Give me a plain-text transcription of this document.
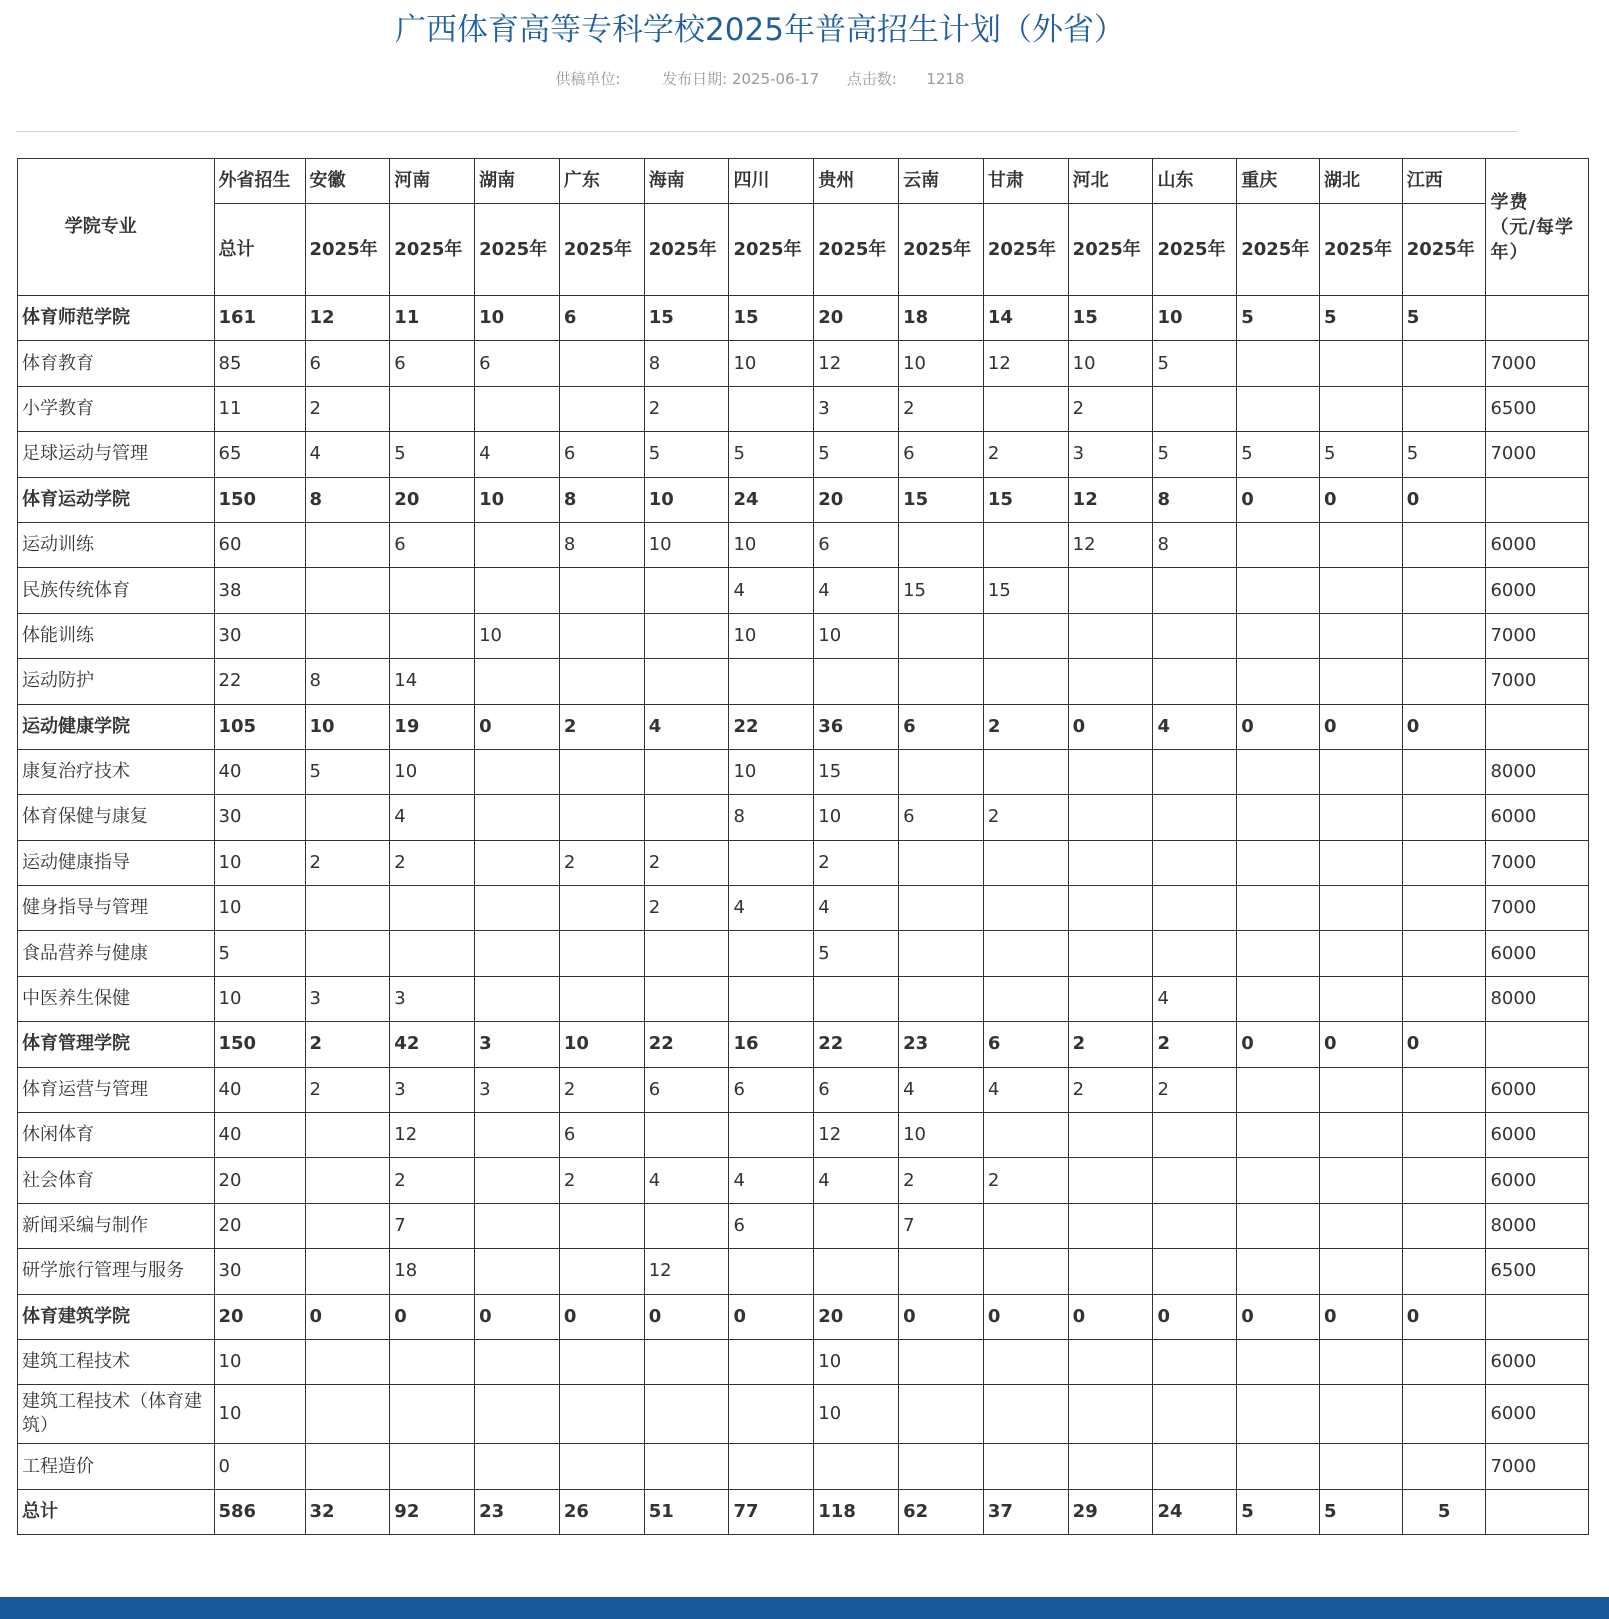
广西体育高等专科学校2025年普高招生计划（外省）
供稿单位:	发布日期: 2025-06-17 点击数: 1218
学院专业	外省招生	安徽	河南	湖南	广东	海南	四川	贵州	云南	甘肃	河北	山东	重庆	湖北	江西	学费
（元/每学年）
	总计	2025年	2025年	2025年	2025年	2025年	2025年	2025年	2025年	2025年	2025年	2025年	2025年	2025年	2025年	
体育师范学院	161	12	11	10	6	15	15	20	18	14	15	10	5	5	5	
体育教育	85	6	6	6		8	10	12	10	12	10	5				7000
小学教育	11	2				2		3	2		2					6500
足球运动与管理	65	4	5	4	6	5	5	5	6	2	3	5	5	5	5	7000
体育运动学院	150	8	20	10	8	10	24	20	15	15	12	8	0	0	0	
运动训练	60		6		8	10	10	6			12	8				6000
民族传统体育	38						4	4	15	15						6000
体能训练	30			10			10	10								7000
运动防护	22	8	14													7000
运动健康学院	105	10	19	0	2	4	22	36	6	2	0	4	0	0	0	
康复治疗技术	40	5	10				10	15								8000
体育保健与康复	30		4				8	10	6	2						6000
运动健康指导	10	2	2		2	2		2								7000
健身指导与管理	10					2	4	4								7000
食品营养与健康	5							5								6000
中医养生保健	10	3	3									4				8000
体育管理学院	150	2	42	3	10	22	16	22	23	6	2	2	0	0	0	
体育运营与管理	40	2	3	3	2	6	6	6	4	4	2	2				6000
休闲体育	40		12		6			12	10							6000
社会体育	20		2		2	4	4	4	2	2						6000
新闻采编与制作	20		7				6		7							8000
研学旅行管理与服务	30		18			12										6500
体育建筑学院	20	0	0	0	0	0	0	20	0	0	0	0	0	0	0	
建筑工程技术	10							10								6000
建筑工程技术（体育建筑）	10							10								6000
工程造价	0															7000
总计	586	32	92	23	26	51	77	118	62	37	29	24	5	5	5	
